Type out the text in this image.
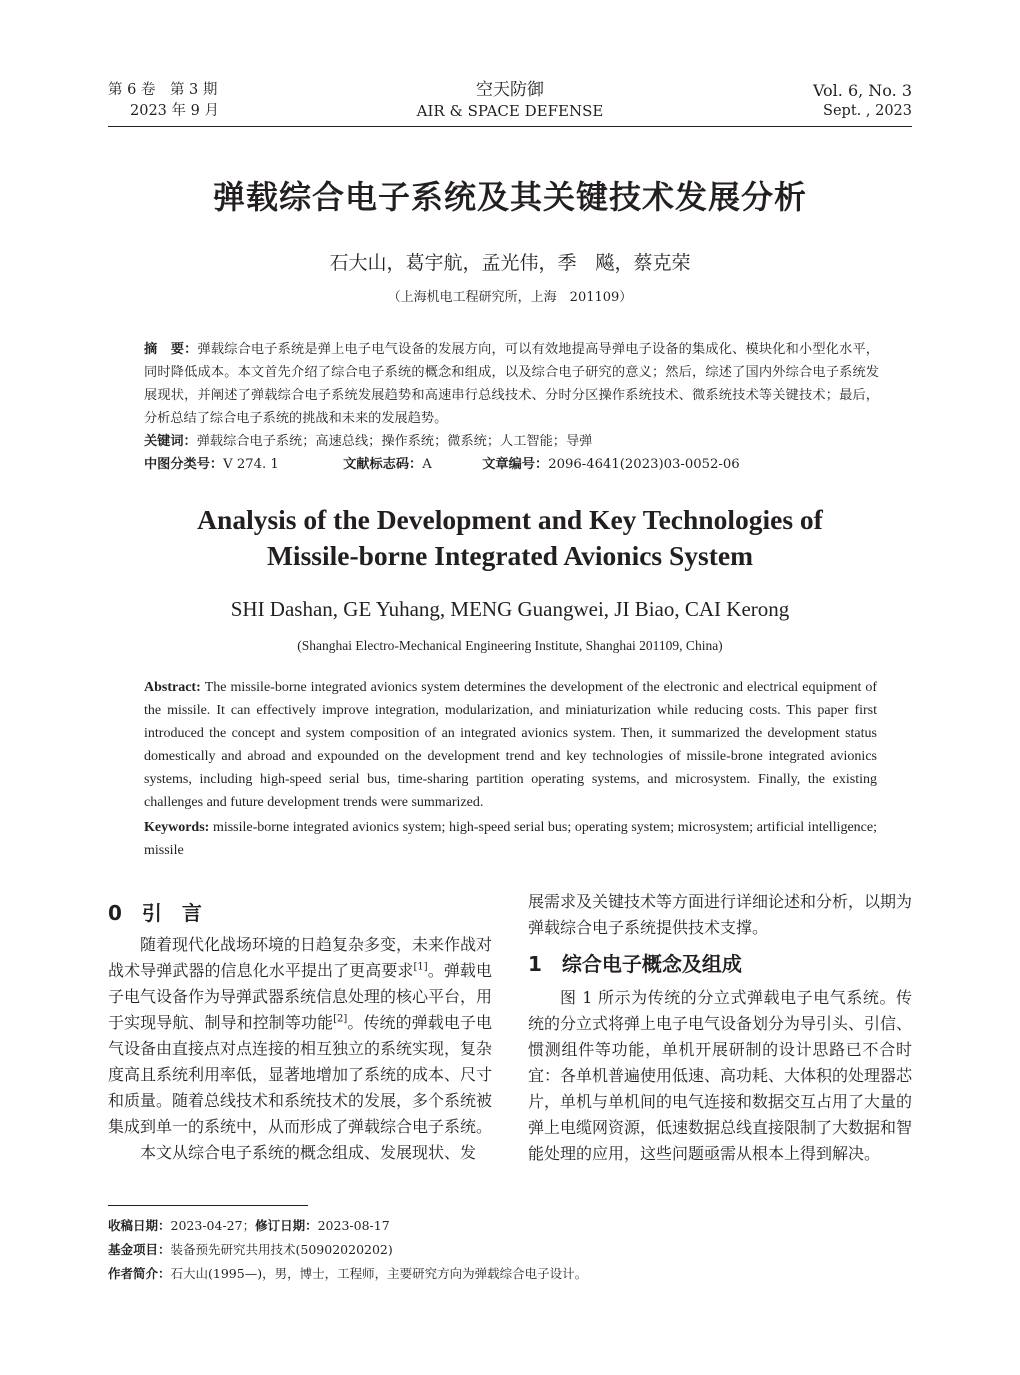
第 6 卷　第 3 期
2023 年 9 月
空天防御
AIR & SPACE DEFENSE
Vol. 6, No. 3
Sept. , 2023
弹载综合电子系统及其关键技术发展分析
石大山，葛宇航，孟光伟，季　飚，蔡克荣
（上海机电工程研究所，上海　201109）
摘　要：弹载综合电子系统是弹上电子电气设备的发展方向，可以有效地提高导弹电子设备的集成化、模块化和小型化水平，同时降低成本。本文首先介绍了综合电子系统的概念和组成，以及综合电子研究的意义；然后，综述了国内外综合电子系统发展现状，并阐述了弹载综合电子系统发展趋势和高速串行总线技术、分时分区操作系统技术、微系统技术等关键技术；最后，分析总结了综合电子系统的挑战和未来的发展趋势。
关键词：弹载综合电子系统；高速总线；操作系统；微系统；人工智能；导弹
中图分类号：V 274. 1	文献标志码：A	文章编号：2096-4641(2023)03-0052-06
Analysis of the Development and Key Technologies of
Missile-borne Integrated Avionics System
SHI Dashan, GE Yuhang, MENG Guangwei, JI Biao, CAI Kerong
(Shanghai Electro-Mechanical Engineering Institute, Shanghai 201109, China)
Abstract: The missile-borne integrated avionics system determines the development of the electronic and electrical equipment of the missile. It can effectively improve integration, modularization, and miniaturization while reducing costs. This paper first introduced the concept and system composition of an integrated avionics system. Then, it summarized the development status domestically and abroad and expounded on the development trend and key technologies of missile-brone integrated avionics systems, including high-speed serial bus, time-sharing partition operating systems, and microsystem. Finally, the existing challenges and future development trends were summarized.
Keywords: missile-borne integrated avionics system; high-speed serial bus; operating system; microsystem; artificial intelligence; missile
0　引　言

随着现代化战场环境的日趋复杂多变，未来作战对战术导弹武器的信息化水平提出了更高要求[1]。弹载电子电气设备作为导弹武器系统信息处理的核心平台，用于实现导航、制导和控制等功能[2]。传统的弹载电子电气设备由直接点对点连接的相互独立的系统实现，复杂度高且系统利用率低，显著地增加了系统的成本、尺寸和质量。随着总线技术和系统技术的发展，多个系统被集成到单一的系统中，从而形成了弹载综合电子系统。

本文从综合电子系统的概念组成、发展现状、发

展需求及关键技术等方面进行详细论述和分析，以期为弹载综合电子系统提供技术支撑。

1　综合电子概念及组成

图 1 所示为传统的分立式弹载电子电气系统。传统的分立式将弹上电子电气设备划分为导引头、引信、惯测组件等功能，单机开展研制的设计思路已不合时宜：各单机普遍使用低速、高功耗、大体积的处理器芯片，单机与单机间的电气连接和数据交互占用了大量的弹上电缆网资源，低速数据总线直接限制了大数据和智能处理的应用，这些问题亟需从根本上得到解决。

收稿日期：2023-04-27；修订日期：2023-08-17
基金项目：装备预先研究共用技术(50902020202)
作者简介：石大山(1995—)，男，博士，工程师，主要研究方向为弹载综合电子设计。
